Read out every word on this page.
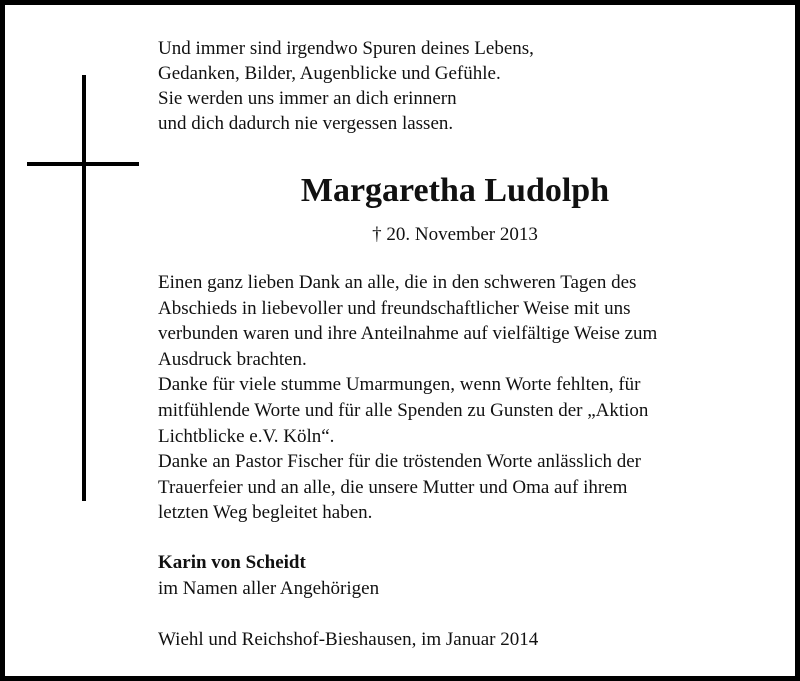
Und immer sind irgendwo Spuren deines Lebens,
Gedanken, Bilder, Augenblicke und Gefühle.
Sie werden uns immer an dich erinnern
und dich dadurch nie vergessen lassen.
Margaretha Ludolph
† 20. November 2013
Einen ganz lieben Dank an alle, die in den schweren Tagen des
Abschieds in liebevoller und freundschaftlicher Weise mit uns
verbunden waren und ihre Anteilnahme auf vielfältige Weise zum
Ausdruck brachten.
Danke für viele stumme Umarmungen, wenn Worte fehlten, für
mitfühlende Worte und für alle Spenden zu Gunsten der „Aktion
Lichtblicke e.V. Köln“.
Danke an Pastor Fischer für die tröstenden Worte anlässlich der
Trauerfeier und an alle, die unsere Mutter und Oma auf ihrem
letzten Weg begleitet haben.
Karin von Scheidt
im Namen aller Angehörigen
Wiehl und Reichshof-Bieshausen, im Januar 2014
